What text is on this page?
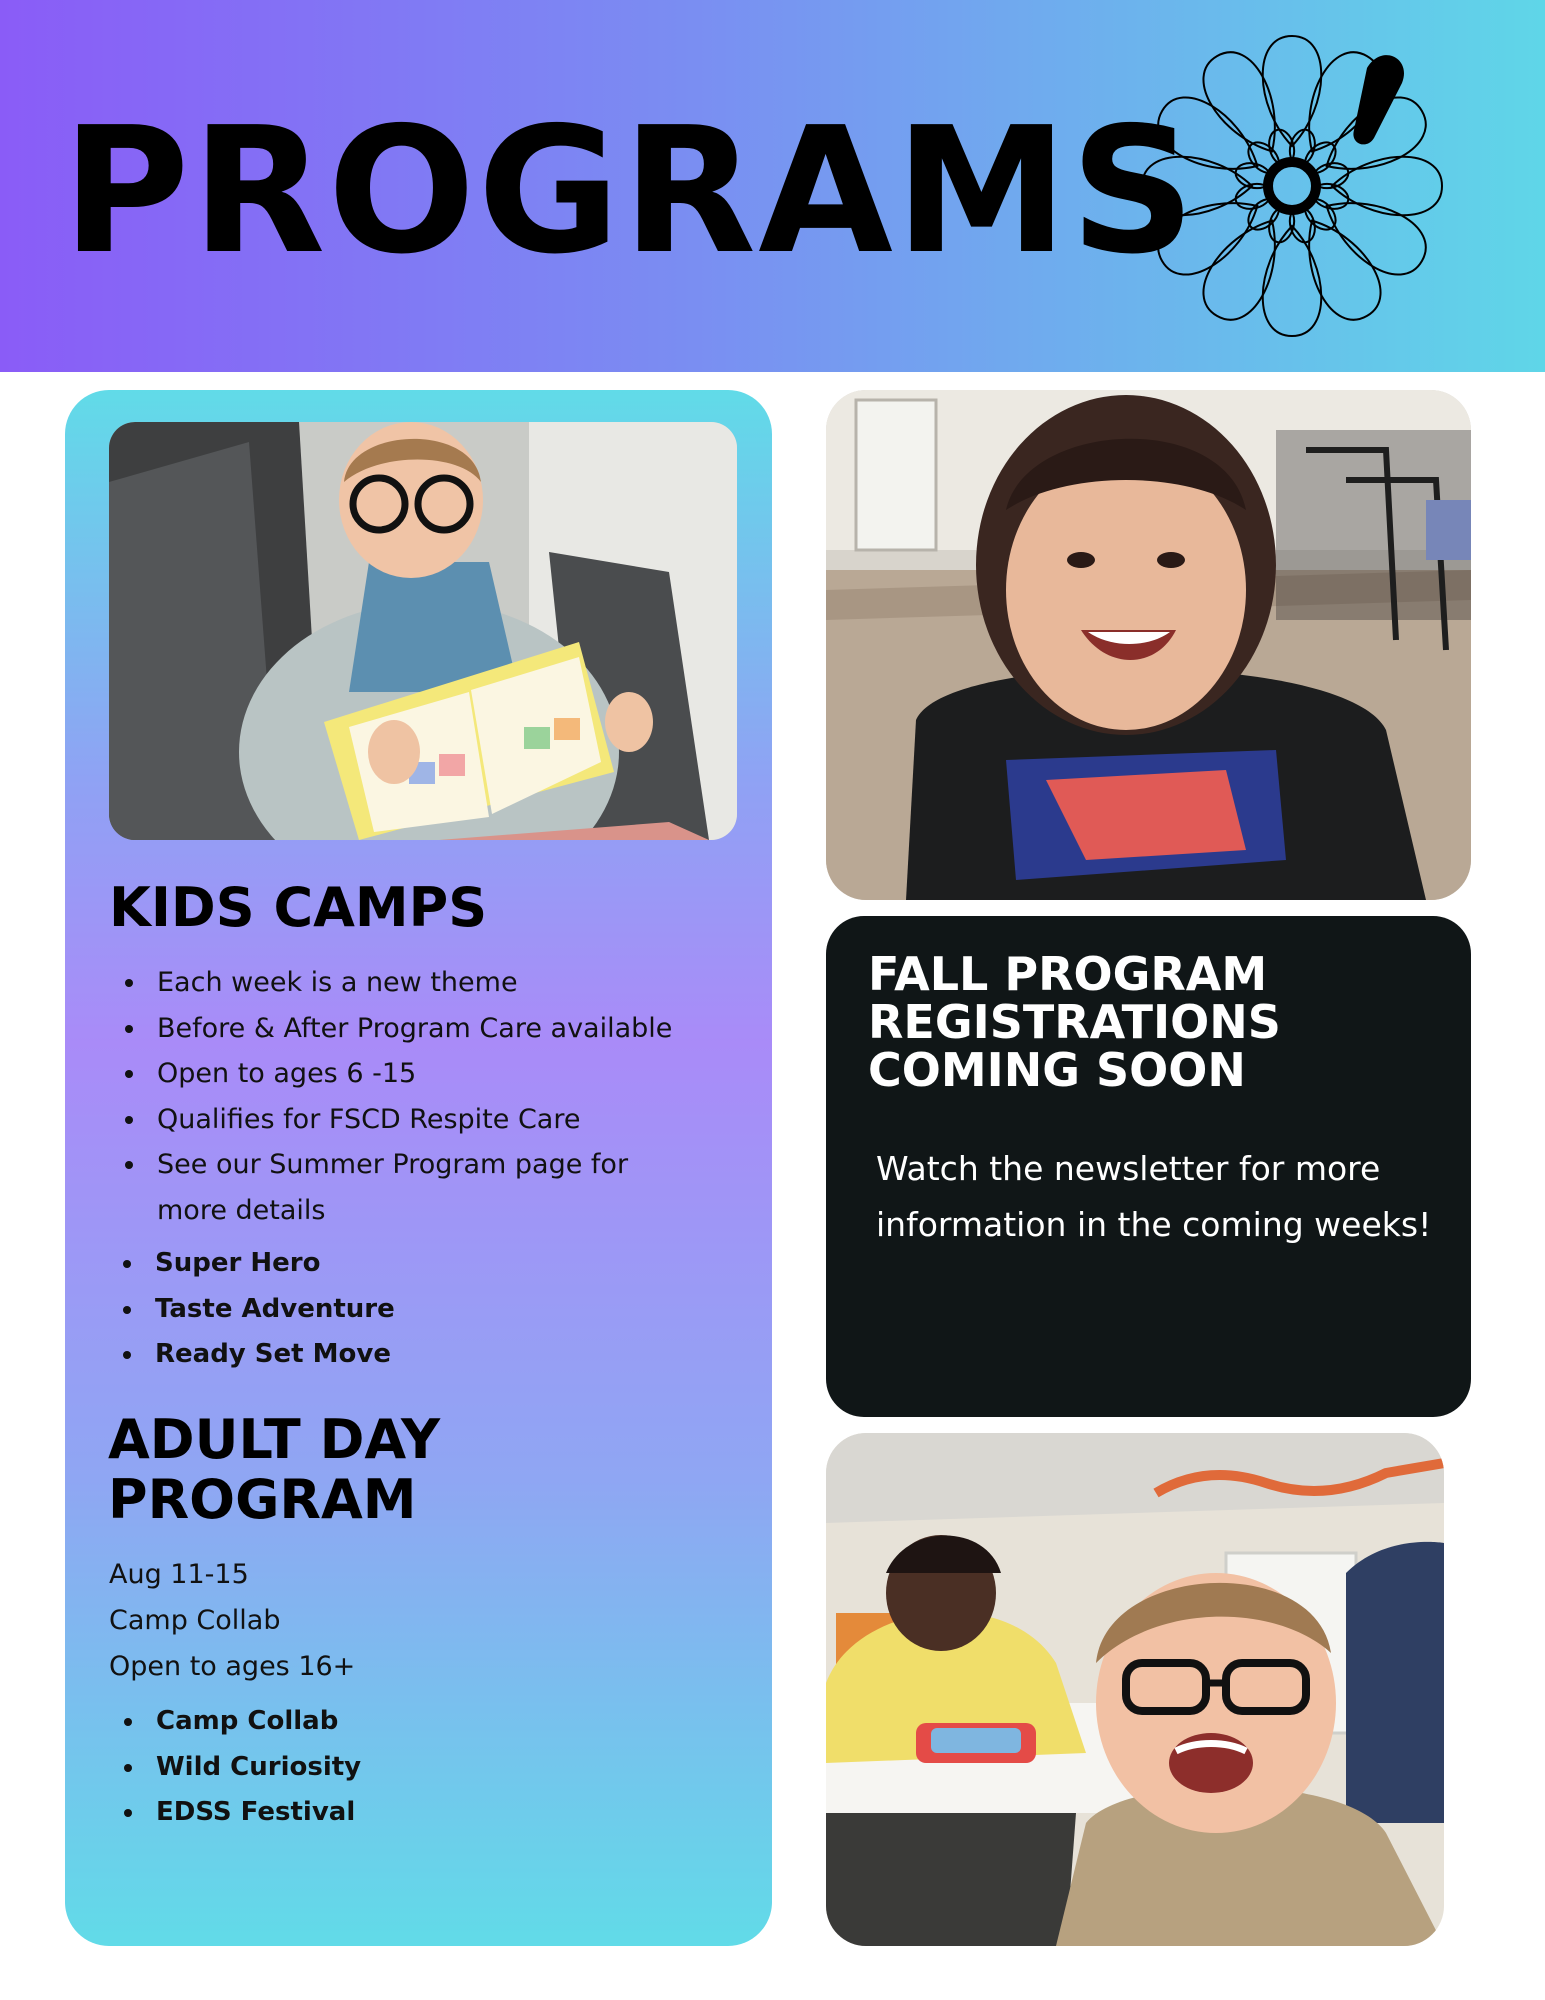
PROGRAMS
KIDS CAMPS
Each week is a new theme
Before & After Program Care available
Open to ages 6 -15
Qualifies for FSCD Respite Care
See our Summer Program page for more details
Super Hero
Taste Adventure
Ready Set Move
ADULT DAY
PROGRAM

Aug 11-15

Camp Collab

Open to ages 16+

Camp Collab
Wild Curiosity
EDSS Festival
FALL PROGRAM
REGISTRATIONS
COMING SOON

Watch the newsletter for more information in the coming weeks!
